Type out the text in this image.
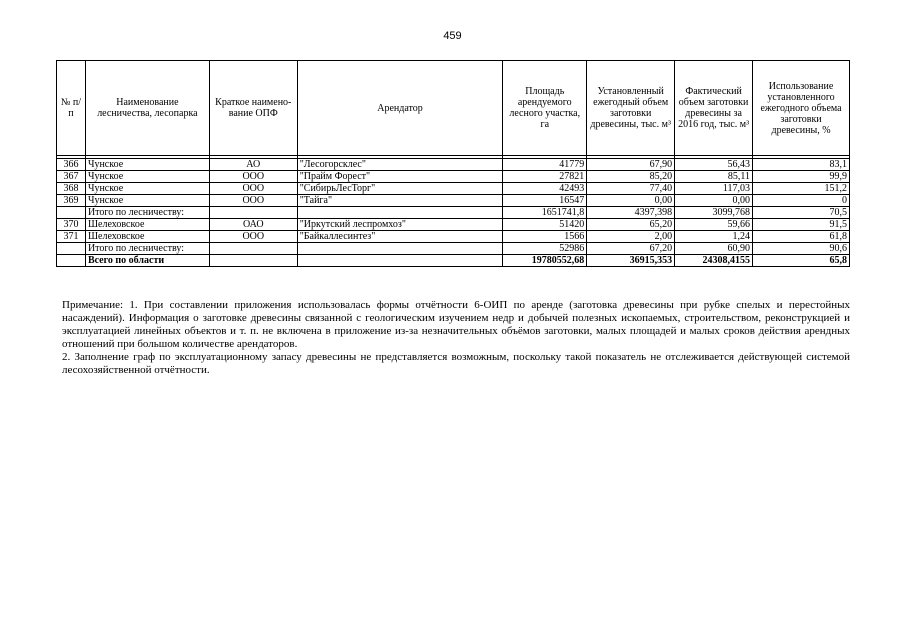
459
№ п/п	Наименование лесничества, лесопарка	Краткое наимено-вание ОПФ	Арендатор	Площадь арендуемого лесного участка, га	Установленный ежегодный объем заготовки древесины, тыс. м³	Фактический объем заготовки древесины за 2016 год, тыс. м³	Использование установленного ежегодного объема заготовки древесины, %

366	Чунское	АО	"Лесогорсклес"	41779	67,90	56,43	83,1
367	Чунское	ООО	"Прайм Форест"	27821	85,20	85,11	99,9
368	Чунское	ООО	"СибирьЛесТорг"	42493	77,40	117,03	151,2
369	Чунское	ООО	"Тайга"	16547	0,00	0,00	0
	Итого по лесничеству:			1651741,8	4397,398	3099,768	70,5
370	Шелеховское	ОАО	"Иркутский леспромхоз"	51420	65,20	59,66	91,5
371	Шелеховское	ООО	"Байкаллесинтез"	1566	2,00	1,24	61,8
	Итого по лесничеству:			52986	67,20	60,90	90,6
	Всего по области			19780552,68	36915,353	24308,4155	65,8

Примечание: 1. При составлении приложения использовалась формы отчётности 6-ОИП по аренде (заготовка древесины при рубке спелых и перестойных насаждений). Информация о заготовке древесины связанной с геологическим изучением недр и добычей полезных ископаемых, строительством, реконструкцией и эксплуатацией линейных объектов и т. п. не включена в приложение из-за незначительных объёмов заготовки, малых площадей и малых сроков действия арендных отношений при большом количестве арендаторов.

2. Заполнение граф по эксплуатационному запасу древесины не представляется возможным, поскольку такой показатель не отслеживается действующей системой лесохозяйственной отчётности.
